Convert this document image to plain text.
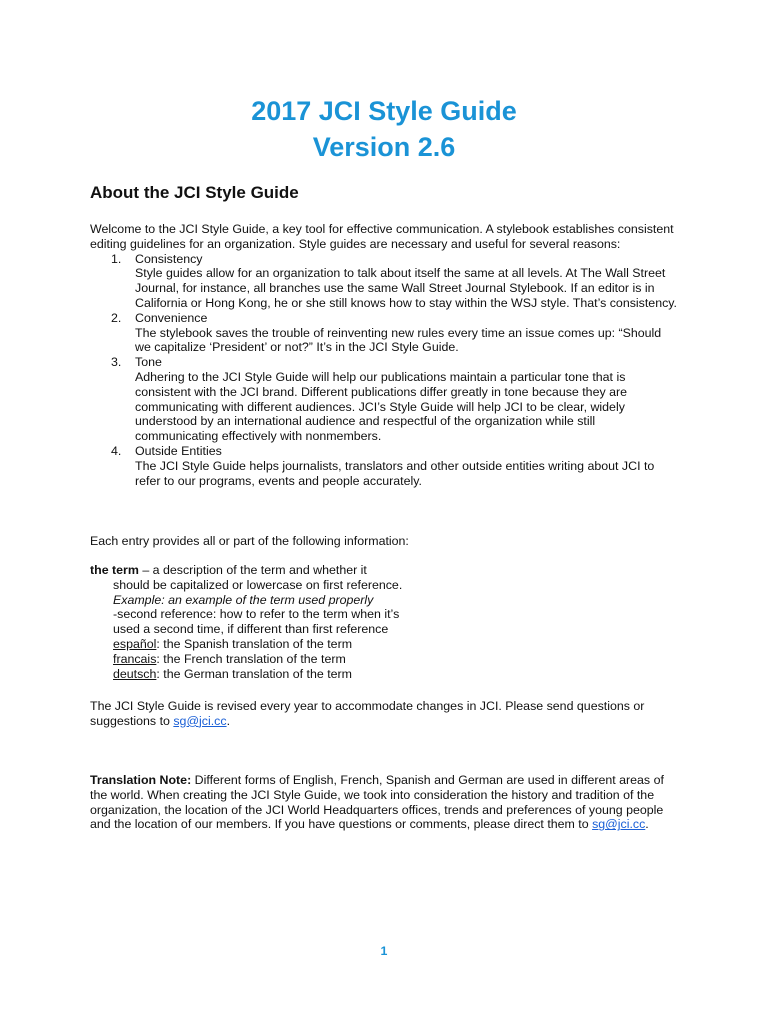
2017 JCI Style Guide
Version 2.6
About the JCI Style Guide
Welcome to the JCI Style Guide, a key tool for effective communication. A stylebook establishes consistent editing guidelines for an organization. Style guides are necessary and useful for several reasons:
1. Consistency
Style guides allow for an organization to talk about itself the same at all levels. At The Wall Street Journal, for instance, all branches use the same Wall Street Journal Stylebook. If an editor is in California or Hong Kong, he or she still knows how to stay within the WSJ style. That’s consistency.
2. Convenience
The stylebook saves the trouble of reinventing new rules every time an issue comes up: “Should we capitalize ‘President’ or not?” It’s in the JCI Style Guide.
3. Tone
Adhering to the JCI Style Guide will help our publications maintain a particular tone that is consistent with the JCI brand. Different publications differ greatly in tone because they are communicating with different audiences. JCI’s Style Guide will help JCI to be clear, widely understood by an international audience and respectful of the organization while still communicating effectively with nonmembers.
4. Outside Entities
The JCI Style Guide helps journalists, translators and other outside entities writing about JCI to refer to our programs, events and people accurately.
Each entry provides all or part of the following information:
the term – a description of the term and whether it
should be capitalized or lowercase on first reference.
Example: an example of the term used properly
-second reference: how to refer to the term when it’s
used a second time, if different than first reference
español: the Spanish translation of the term
francais: the French translation of the term
deutsch: the German translation of the term
The JCI Style Guide is revised every year to accommodate changes in JCI. Please send questions or suggestions to sg@jci.cc.
Translation Note: Different forms of English, French, Spanish and German are used in different areas of the world. When creating the JCI Style Guide, we took into consideration the history and tradition of the organization, the location of the JCI World Headquarters offices, trends and preferences of young people and the location of our members. If you have questions or comments, please direct them to sg@jci.cc.
1
